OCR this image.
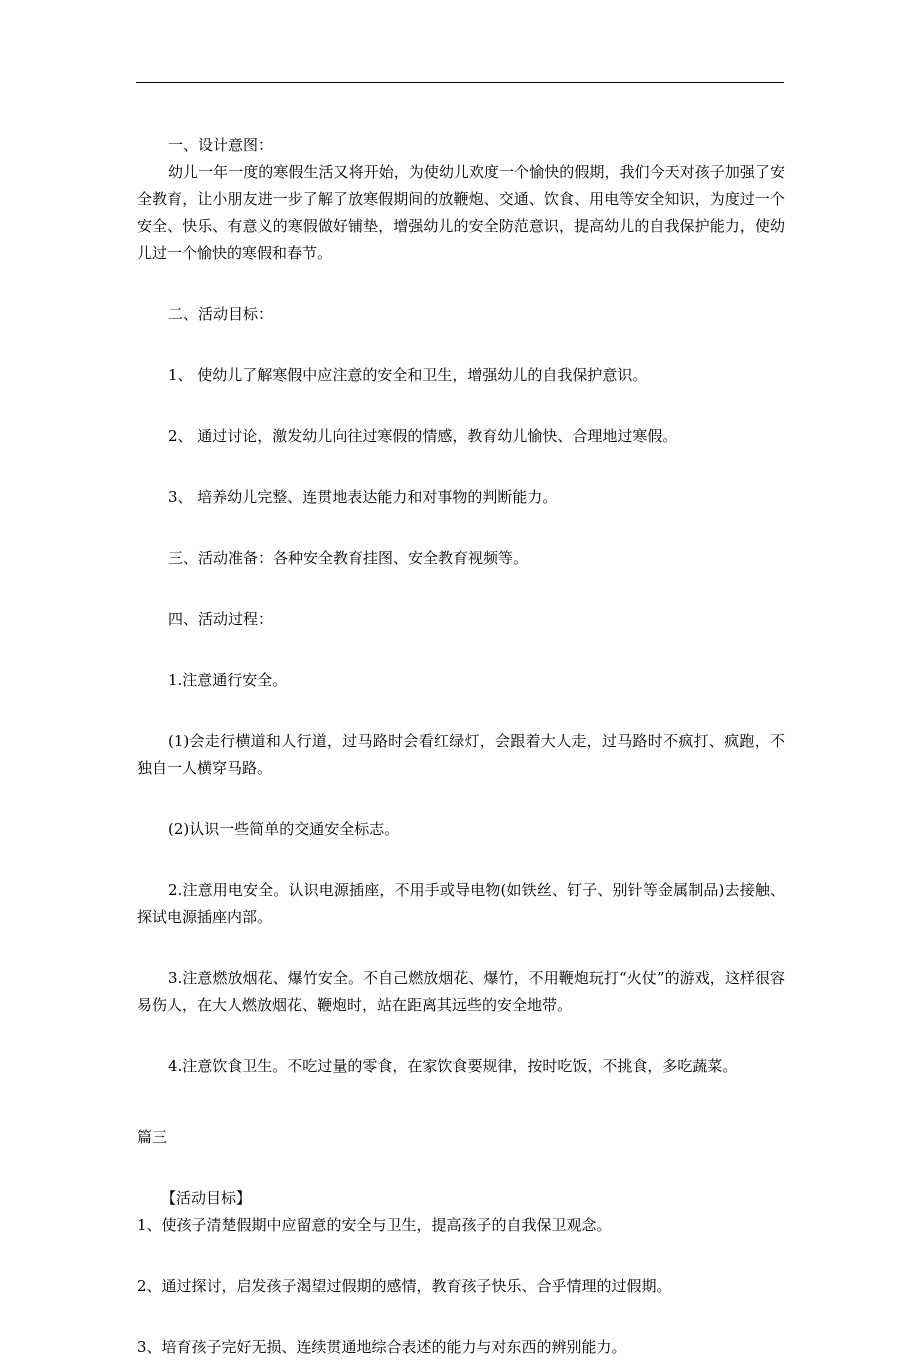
一、设计意图：

幼儿一年一度的寒假生活又将开始，为使幼儿欢度一个愉快的假期，我们今天对孩子加强了安全教育，让小朋友进一步了解了放寒假期间的放鞭炮、交通、饮食、用电等安全知识，为度过一个安全、快乐、有意义的寒假做好铺垫，增强幼儿的安全防范意识，提高幼儿的自我保护能力，使幼儿过一个愉快的寒假和春节。

二、活动目标：

1、 使幼儿了解寒假中应注意的安全和卫生，增强幼儿的自我保护意识。

2、 通过讨论，激发幼儿向往过寒假的情感，教育幼儿愉快、合理地过寒假。

3、 培养幼儿完整、连贯地表达能力和对事物的判断能力。

三、活动准备：各种安全教育挂图、安全教育视频等。

四、活动过程：

1.注意通行安全。

(1)会走行横道和人行道，过马路时会看红绿灯，会跟着大人走，过马路时不疯打、疯跑，不独自一人横穿马路。

(2)认识一些简单的交通安全标志。

2.注意用电安全。认识电源插座，不用手或导电物(如铁丝、钉子、别针等金属制品)去接触、探试电源插座内部。

3.注意燃放烟花、爆竹安全。不自己燃放烟花、爆竹，不用鞭炮玩打“火仗”的游戏，这样很容易伤人，在大人燃放烟花、鞭炮时，站在距离其远些的安全地带。

4.注意饮食卫生。不吃过量的零食，在家饮食要规律，按时吃饭，不挑食，多吃蔬菜。

篇三

【活动目标】

1、使孩子清楚假期中应留意的安全与卫生，提高孩子的自我保卫观念。

2、通过探讨，启发孩子渴望过假期的感情，教育孩子快乐、合乎情理的过假期。

3、培育孩子完好无损、连续贯通地综合表述的能力与对东西的辨别能力。
